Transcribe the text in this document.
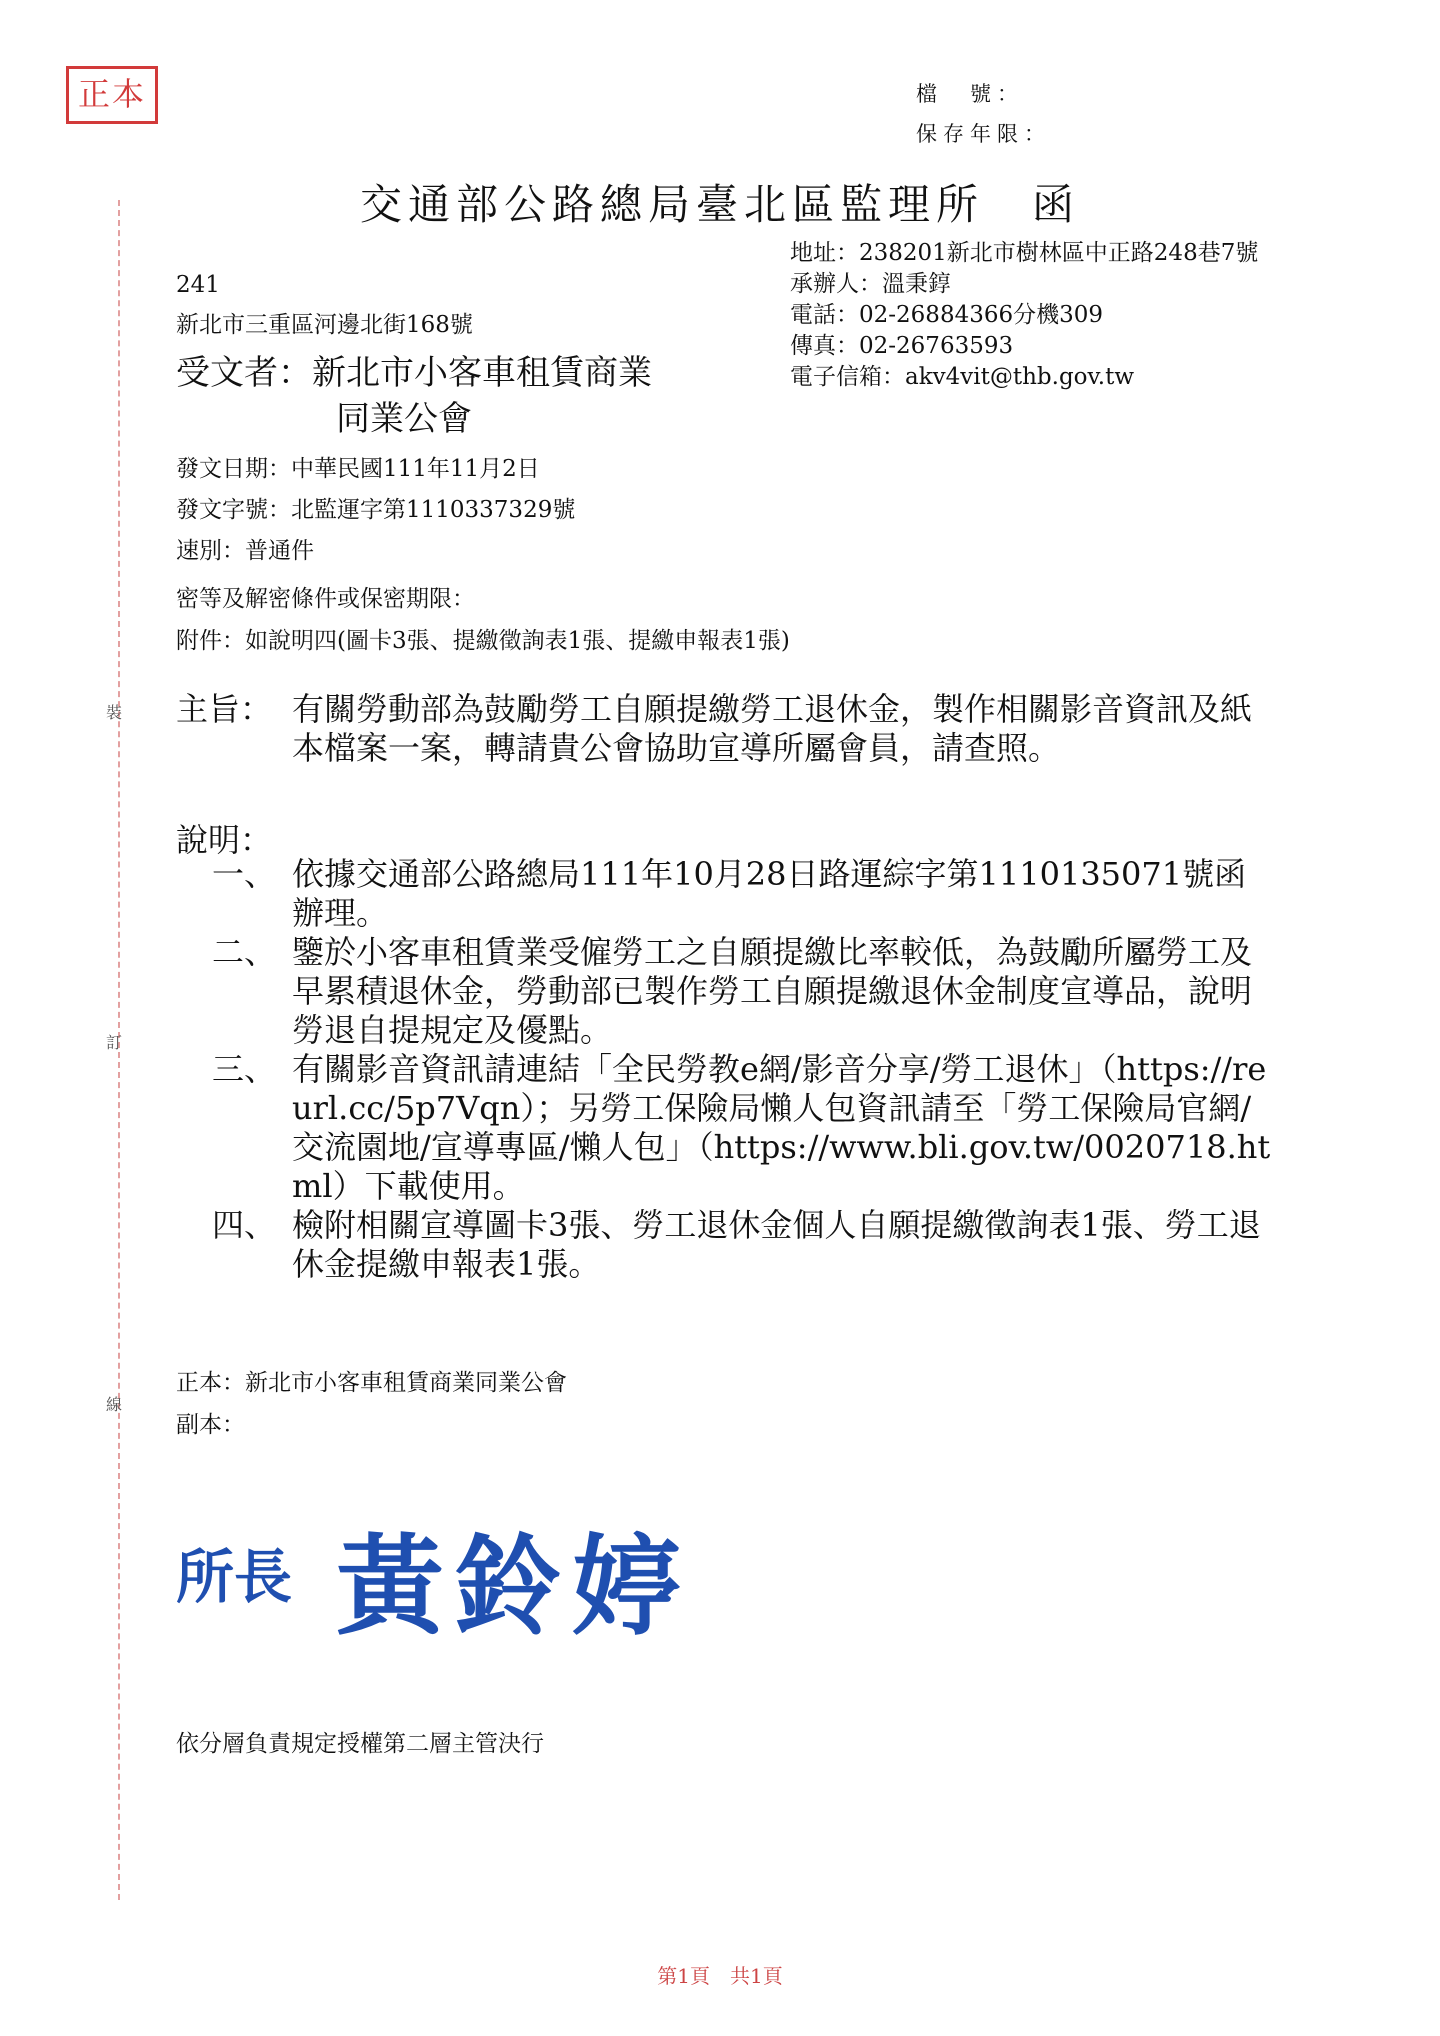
裝
訂
線
正本	檔　號：
保存年限：
交通部公路總局臺北區監理所　函
地址：238201新北市樹林區中正路248巷7號
承辦人：溫秉錞
電話：02-26884366分機309
傳真：02-26763593
電子信箱：akv4vit@thb.gov.tw
241
新北市三重區河邊北街168號
受文者：新北市小客車租賃商業
同業公會
發文日期：中華民國111年11月2日
發文字號：北監運字第1110337329號
速別：普通件
密等及解密條件或保密期限：
附件：如說明四(圖卡3張、提繳徵詢表1張、提繳申報表1張)
主旨： 有關勞動部為鼓勵勞工自願提繳勞工退休金，製作相關影音資訊及紙本檔案一案，轉請貴公會協助宣導所屬會員，請查照。
說明：
一、 依據交通部公路總局111年10月28日路運綜字第1110135071號函辦理。
二、 鑒於小客車租賃業受僱勞工之自願提繳比率較低，為鼓勵所屬勞工及早累積退休金，勞動部已製作勞工自願提繳退休金制度宣導品，說明勞退自提規定及優點。
三、 有關影音資訊請連結「全民勞教e網/影音分享/勞工退休」（https://reurl.cc/5p7Vqn）；另勞工保險局懶人包資訊請至「勞工保險局官網/交流園地/宣導專區/懶人包」（https://www.bli.gov.tw/0020718.html）下載使用。
四、 檢附相關宣導圖卡3張、勞工退休金個人自願提繳徵詢表1張、勞工退休金提繳申報表1張。
正本：新北市小客車租賃商業同業公會
副本：
所長 黃鈴婷
依分層負責規定授權第二層主管決行
第1頁　共1頁
